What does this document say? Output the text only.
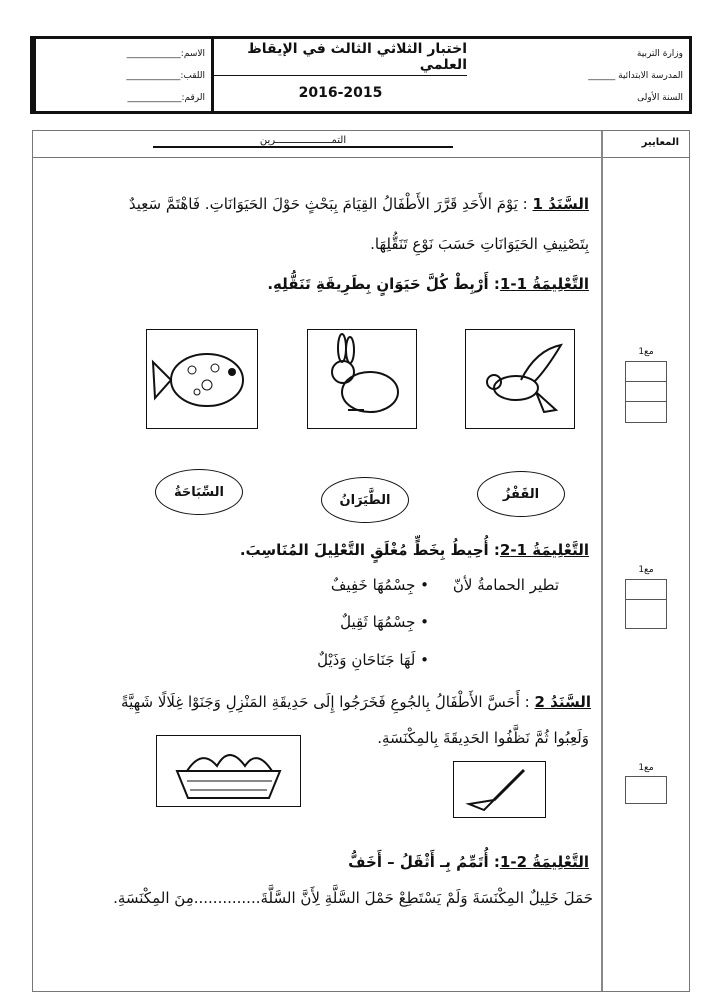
وزارة التربية
المدرسة الابتدائية ______
السنة الأولى
اختبار الثلاثي الثالث في الإيقاظ العلمي
2016-2015
الاسم:____________
اللقب:____________
الرقم:____________
المعايير
التمـــــــــــــــــــرين
مع1
مع1
مع1
السَّنَدُ 1 : يَوْمَ الأَحَدِ قَرَّرَ الأَطْفَالُ القِيَامَ بِبَحْثٍ حَوْلَ الحَيَوَانَاتِ. فَاهْتَمَّ سَعِيدٌ
بِتَصْنِيفِ الحَيَوَانَاتِ حَسَبَ نَوْعِ تَنَقُّلِهَا.
التَّعْلِيمَةُ 1-1: أَرْبِطْ كُلَّ حَيَوَانٍ بِطَرِيقَةِ تَنَقُّلِهِ.
القَفْزُ
الطَّيَرَانُ
السِّبَاحَةُ
التَّعْلِيمَةُ 1-2: أُحِيطُ بِخَطٍّ مُغْلَقٍ التَّعْلِيلَ المُنَاسِبَ.
تطير الحمامةُ لأنّ
• جِسْمُهَا خَفِيفٌ
• جِسْمُهَا ثَقِيلٌ
• لَهَا جَنَاحَانِ وَذَيْلٌ
السَّنَدُ 2 : أَحَسَّ الأَطْفَالُ بِالجُوعِ فَخَرَجُوا إِلَى حَدِيقَةِ المَنْزِلِ وَجَنَوْا غِلَالًا شَهِيَّةً
وَلَعِبُوا ثُمَّ نَظَّفُوا الحَدِيقَةَ بِالمِكْنَسَةِ.
التَّعْلِيمَةُ 2-1: أُتَمِّمُ بِـ أَثْقَلُ – أَخَفُّ
حَمَلَ خَلِيلٌ المِكْنَسَةَ وَلَمْ يَسْتَطِعْ حَمْلَ السَّلَّةِ لِأَنَّ السَّلَّةَ..............مِنَ المِكْنَسَةِ.
